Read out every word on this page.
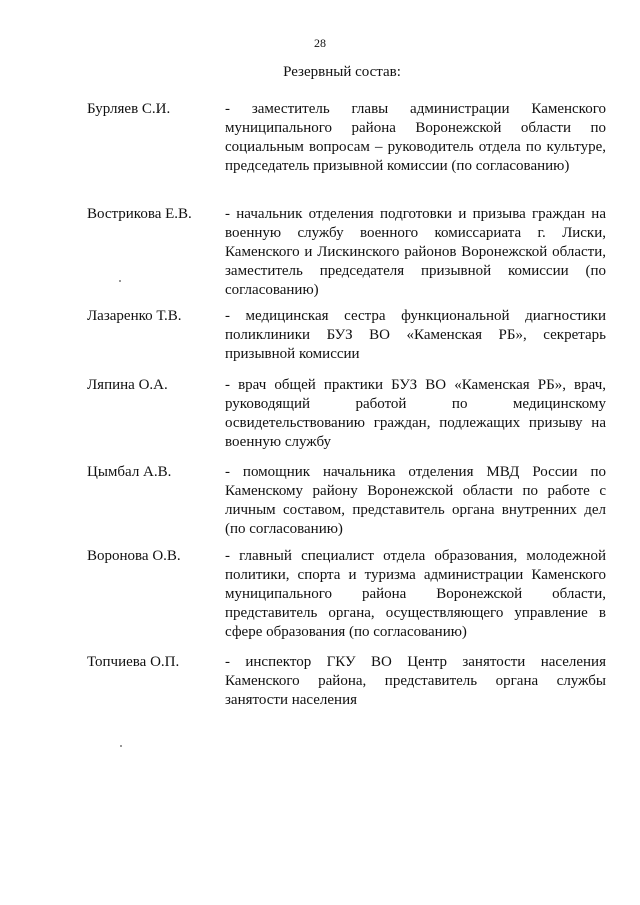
28
Резервный состав:
Бурляев С.И.	- заместитель главы администрации Каменского муниципального района Воронежской области по социальным вопросам – руководитель отдела по культуре, председатель призывной комиссии (по согласованию)
Вострикова Е.В. - начальник отделения подготовки и призыва граждан на военную службу военного комиссариата г. Лиски, Каменского и Лискинского районов Воронежской области, заместитель председателя призывной комиссии (по согласованию)
Лазаренко Т.В.	- медицинская сестра функциональной диагностики поликлиники БУЗ ВО «Каменская РБ», секретарь призывной комиссии
Ляпина О.А.	- врач общей практики БУЗ ВО «Каменская РБ», врач, руководящий работой по медицинскому освидетельствованию граждан, подлежащих призыву на военную службу
Цымбал А.В.	- помощник начальника отделения МВД России по Каменскому району Воронежской области по работе с личным составом, представитель органа внутренних дел (по согласованию)
Воронова О.В.	- главный специалист отдела образования, молодежной политики, спорта и туризма администрации Каменского муниципального района Воронежской области, представитель органа, осуществляющего управление в сфере образования (по согласованию)
Топчиева О.П.	- инспектор ГКУ ВО Центр занятости населения Каменского района, представитель органа службы занятости населения
